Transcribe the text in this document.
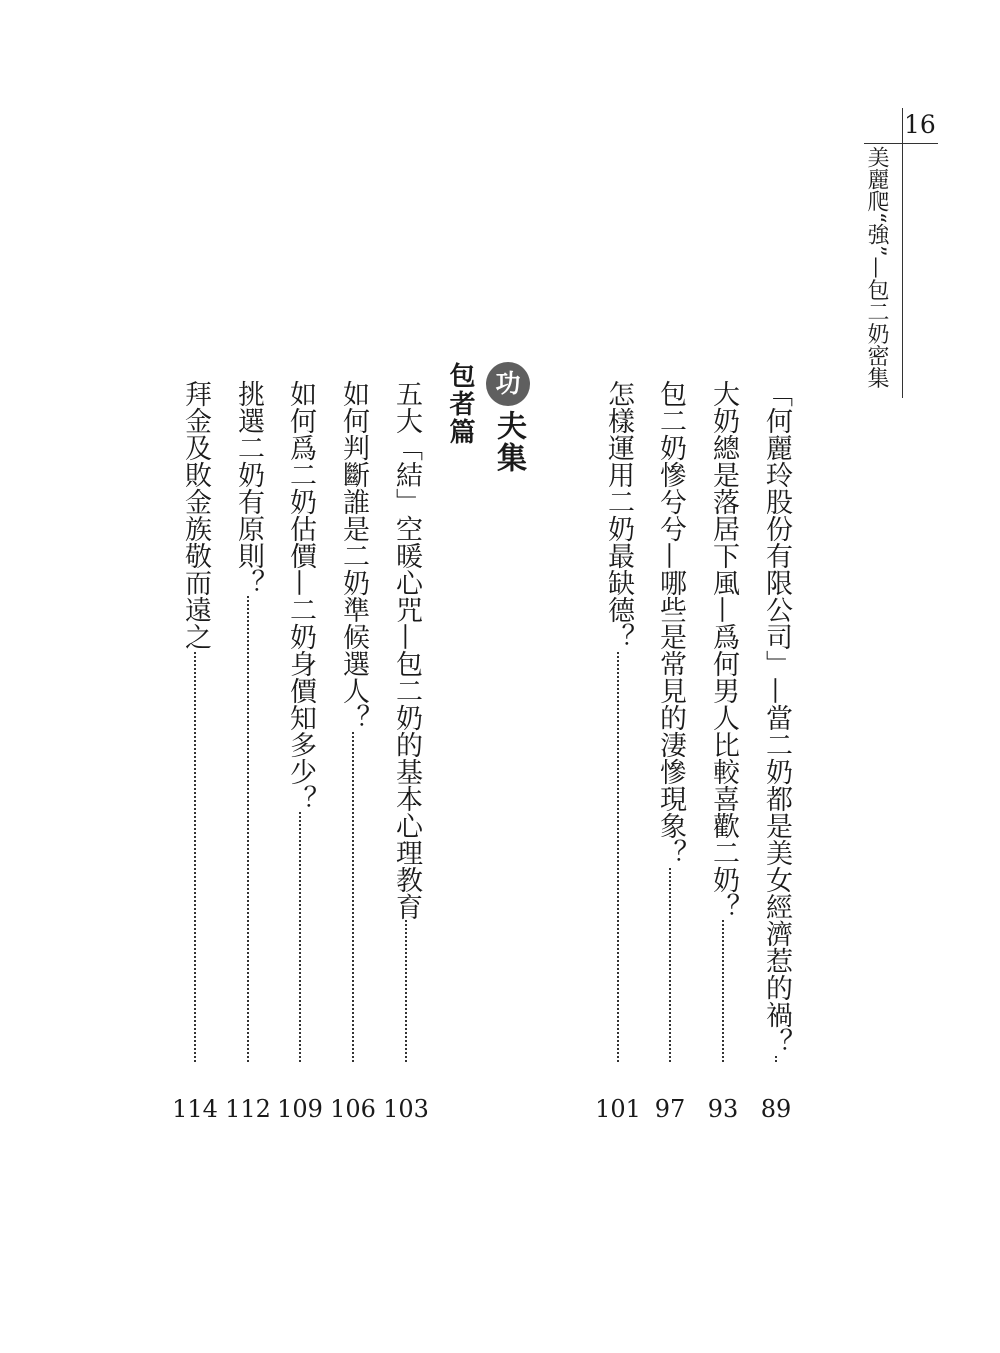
16
美麗爬“強”—包二奶密集
「何麗玲股份有限公司」—當二奶都是美女經濟惹的禍？
89
大奶總是落居下風—爲何男人比較喜歡二奶？
93
包二奶慘兮兮—哪些是常見的淒慘現象？
97
怎樣運用二奶最缺德？
101
功
夫集
包者篇
五大「結」空暖心咒—包二奶的基本心理教育
103
如何判斷誰是二奶準候選人？
106
如何爲二奶估價—二奶身價知多少？
109
挑選二奶有原則？
112
拜金及敗金族敬而遠之
114
